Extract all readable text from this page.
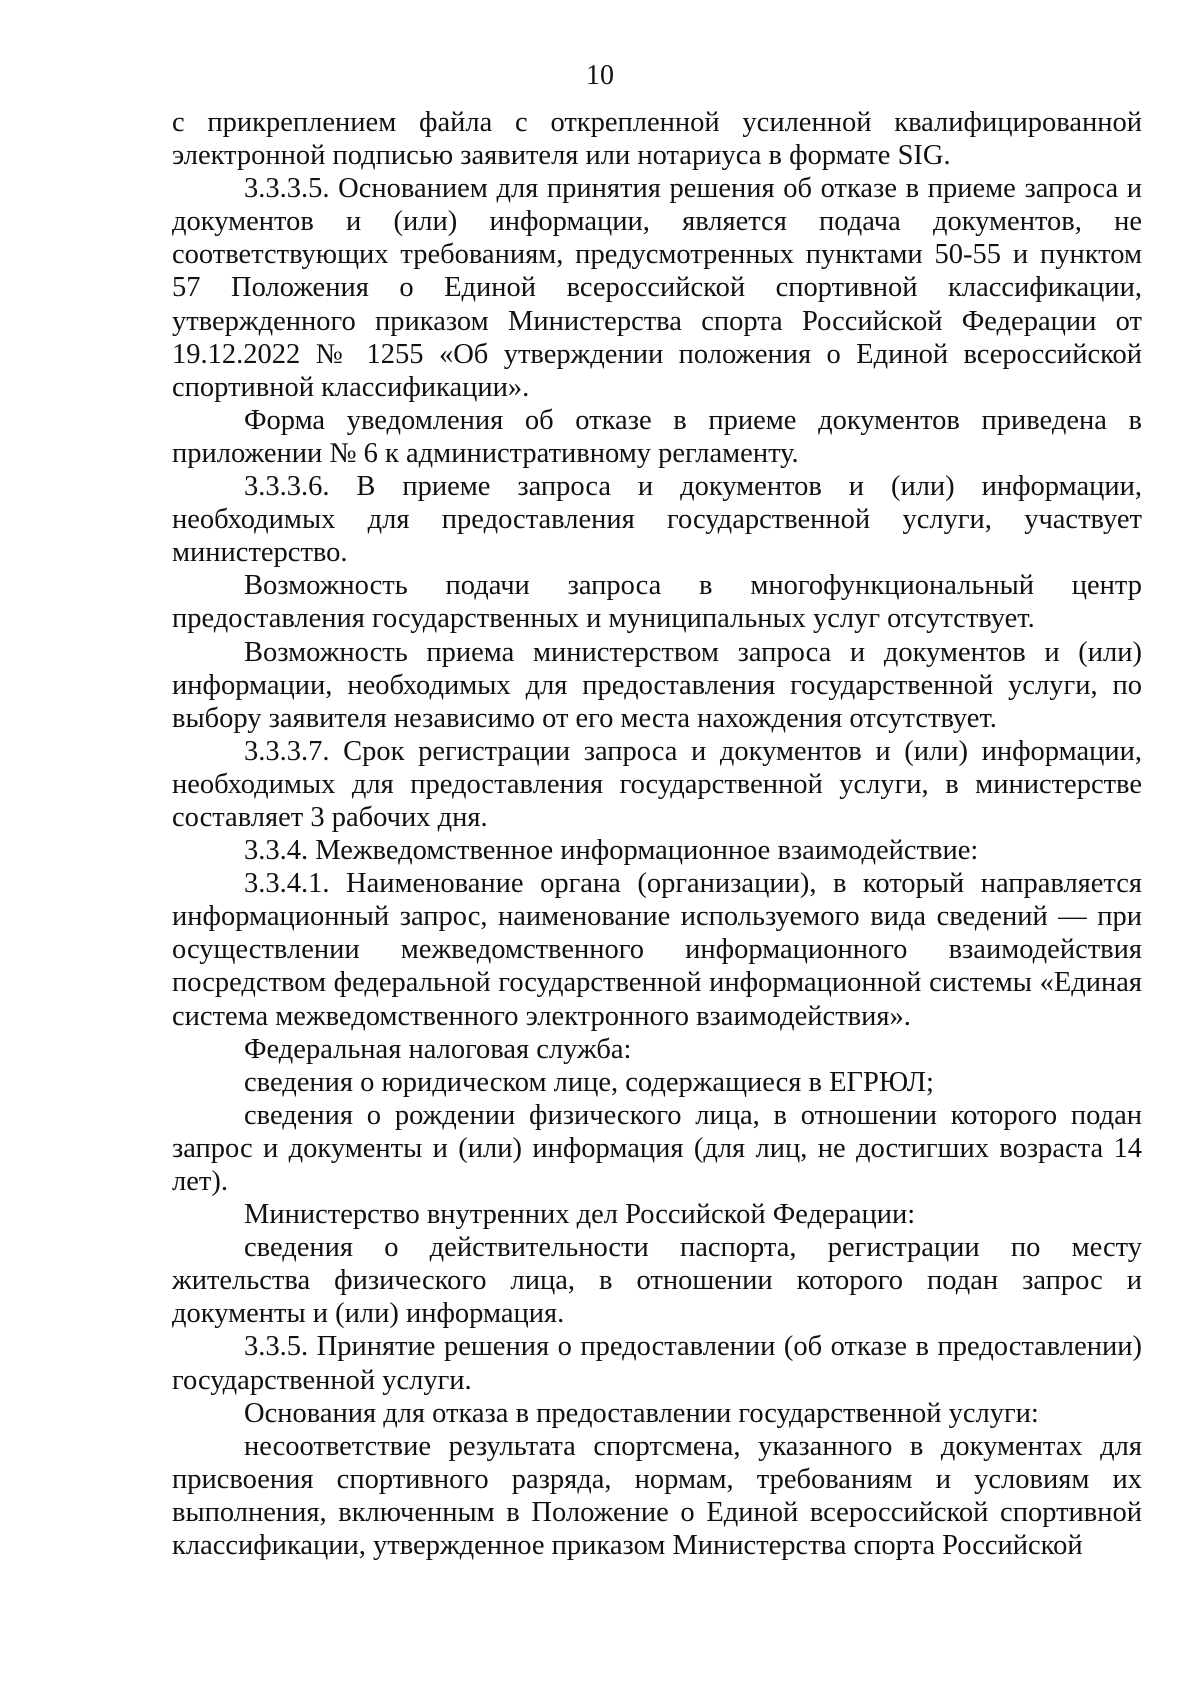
10

с прикреплением файла с открепленной усиленной квалифицированной электронной подписью заявителя или нотариуса в формате SIG.

3.3.3.5. Основанием для принятия решения об отказе в приеме запроса и документов и (или) информации, является подача документов, не соответствующих требованиям, предусмотренных пунктами 50-55 и пунктом 57 Положения о Единой всероссийской спортивной классификации, утвержденного приказом Министерства спорта Российской Федерации от 19.12.2022 № 1255 «Об утверждении положения о Единой всероссийской спортивной классификации».

Форма уведомления об отказе в приеме документов приведена в приложении № 6 к административному регламенту.

3.3.3.6. В приеме запроса и документов и (или) информации, необходимых для предоставления государственной услуги, участвует министерство.

Возможность подачи запроса в многофункциональный центр предоставления государственных и муниципальных услуг отсутствует.

Возможность приема министерством запроса и документов и (или) информации, необходимых для предоставления государственной услуги, по выбору заявителя независимо от его места нахождения отсутствует.

3.3.3.7. Срок регистрации запроса и документов и (или) информации, необходимых для предоставления государственной услуги, в министерстве составляет 3 рабочих дня.

3.3.4. Межведомственное информационное взаимодействие:

3.3.4.1. Наименование органа (организации), в который направляется информационный запрос, наименование используемого вида сведений — при осуществлении межведомственного информационного взаимодействия посредством федеральной государственной информационной системы «Единая система межведомственного электронного взаимодействия».

Федеральная налоговая служба:

сведения о юридическом лице, содержащиеся в ЕГРЮЛ;

сведения о рождении физического лица, в отношении которого подан запрос и документы и (или) информация (для лиц, не достигших возраста 14 лет).

Министерство внутренних дел Российской Федерации:

сведения о действительности паспорта, регистрации по месту жительства физического лица, в отношении которого подан запрос и документы и (или) информация.

3.3.5. Принятие решения о предоставлении (об отказе в предоставлении) государственной услуги.

Основания для отказа в предоставлении государственной услуги:

несоответствие результата спортсмена, указанного в документах для присвоения спортивного разряда, нормам, требованиям и условиям их выполнения, включенным в Положение о Единой всероссийской спортивной классификации, утвержденное приказом Министерства спорта Российской
